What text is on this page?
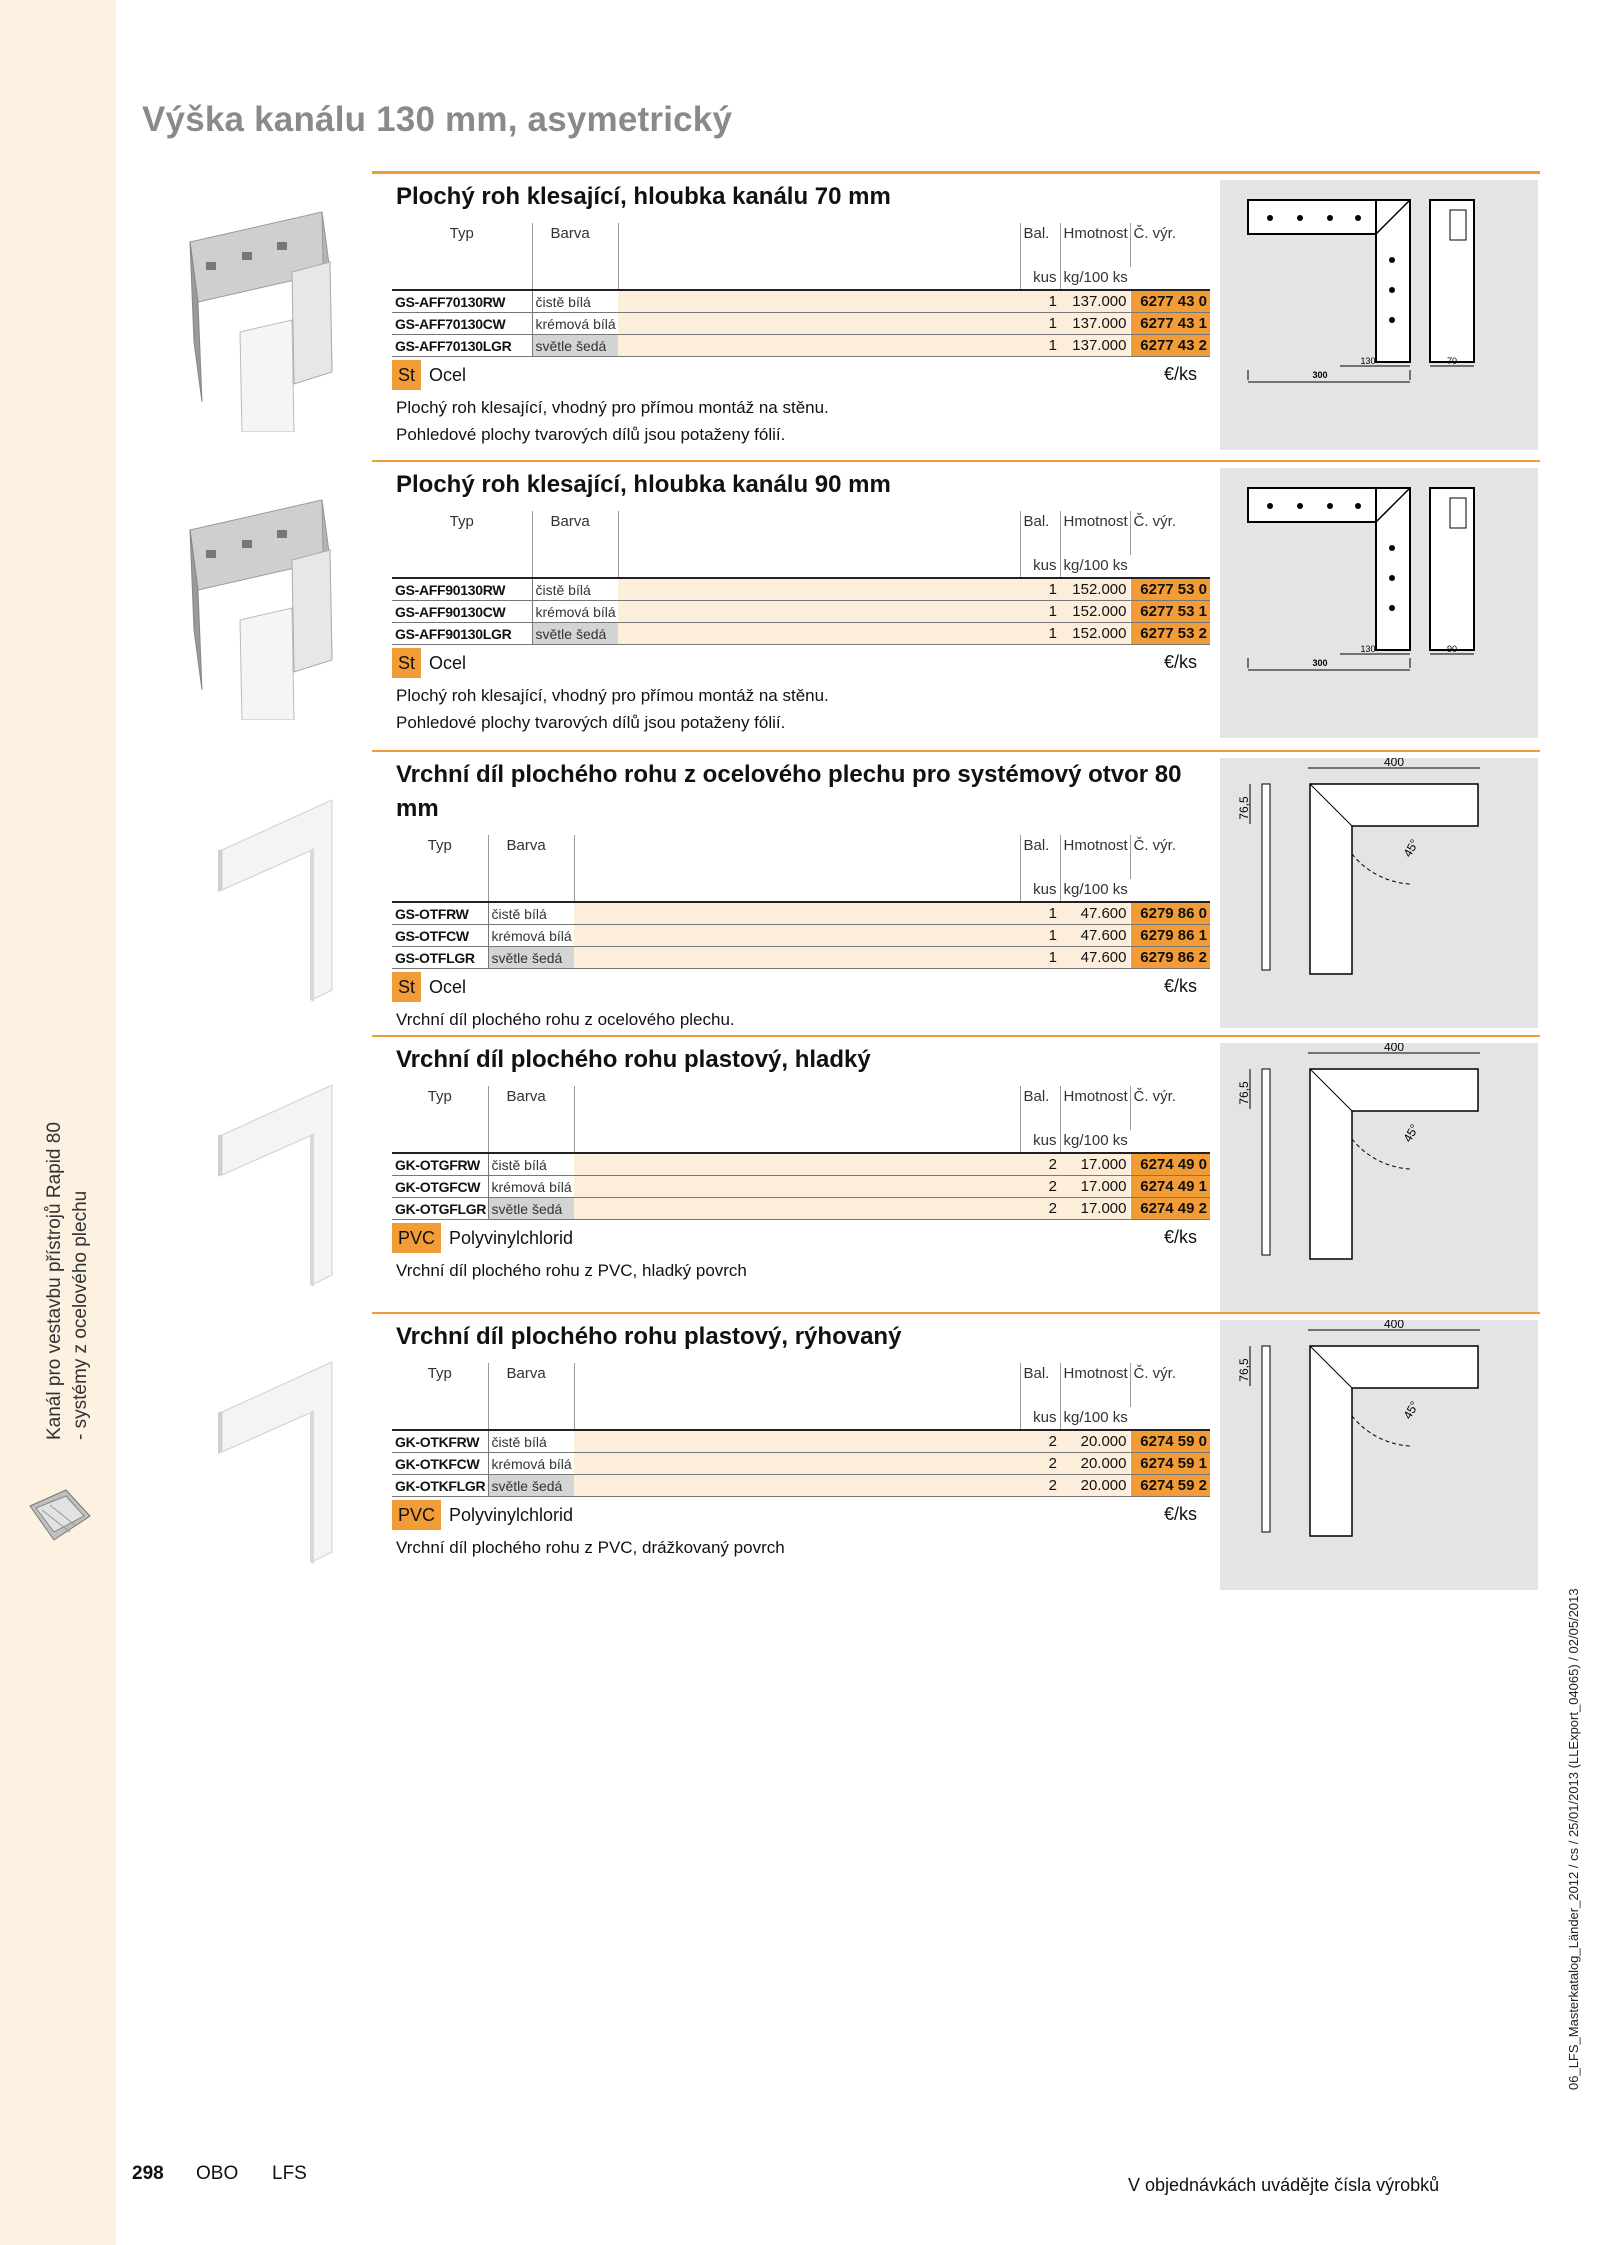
Kanál pro vestavbu přístrojů Rapid 80 - systémy z ocelového plechu
Výška kanálu 130 mm, asymetrický
Plochý roh klesající, hloubka kanálu 70 mm
130	70
300
Typ	Barva		Bal.	Hmotnost	Č. výr.
			kus	kg/100 ks	
GS-AFF70130RW	čistě bílá		1	137.000	6277 43 0
GS-AFF70130CW	krémová bílá		1	137.000	6277 43 1
GS-AFF70130LGR	světle šedá		1	137.000	6277 43 2
St Ocel	€/ks
Plochý roh klesající, vhodný pro přímou montáž na stěnu.
Pohledové plochy tvarových dílů jsou potaženy fólií.
Plochý roh klesající, hloubka kanálu 90 mm
130	90
300
Typ	Barva		Bal.	Hmotnost	Č. výr.
			kus	kg/100 ks	
GS-AFF90130RW	čistě bílá		1	152.000	6277 53 0
GS-AFF90130CW	krémová bílá		1	152.000	6277 53 1
GS-AFF90130LGR	světle šedá		1	152.000	6277 53 2
St Ocel	€/ks
Plochý roh klesající, vhodný pro přímou montáž na stěnu.
Pohledové plochy tvarových dílů jsou potaženy fólií.
Vrchní díl plochého rohu z ocelového plechu pro systémový otvor 80 mm
400
76,5
45°
Typ	Barva		Bal.	Hmotnost	Č. výr.
			kus	kg/100 ks	
GS-OTFRW	čistě bílá		1	47.600	6279 86 0
GS-OTFCW	krémová bílá		1	47.600	6279 86 1
GS-OTFLGR	světle šedá		1	47.600	6279 86 2
St Ocel	€/ks
Vrchní díl plochého rohu z ocelového plechu.
Vrchní díl plochého rohu plastový, hladký	400
76,5
45°
Typ	Barva		Bal.	Hmotnost	Č. výr.
			kus	kg/100 ks	
GK-OTGFRW	čistě bílá		2	17.000	6274 49 0
GK-OTGFCW	krémová bílá		2	17.000	6274 49 1
GK-OTGFLGR	světle šedá		2	17.000	6274 49 2
PVC Polyvinylchlorid	€/ks
Vrchní díl plochého rohu z PVC, hladký povrch
Vrchní díl plochého rohu plastový, rýhovaný	400
76,5
45°
Typ	Barva		Bal.	Hmotnost	Č. výr.
			kus	kg/100 ks	
GK-OTKFRW	čistě bílá		2	20.000	6274 59 0
GK-OTKFCW	krémová bílá		2	20.000	6274 59 1
GK-OTKFLGR	světle šedá		2	20.000	6274 59 2
PVC Polyvinylchlorid	€/ks
Vrchní díl plochého rohu z PVC, drážkovaný povrch
298 OBO LFS
V objednávkách uvádějte čísla výrobků
06_LFS_Masterkatalog_Länder_2012 / cs / 25/01/2013 (LLExport_04065) / 02/05/2013
